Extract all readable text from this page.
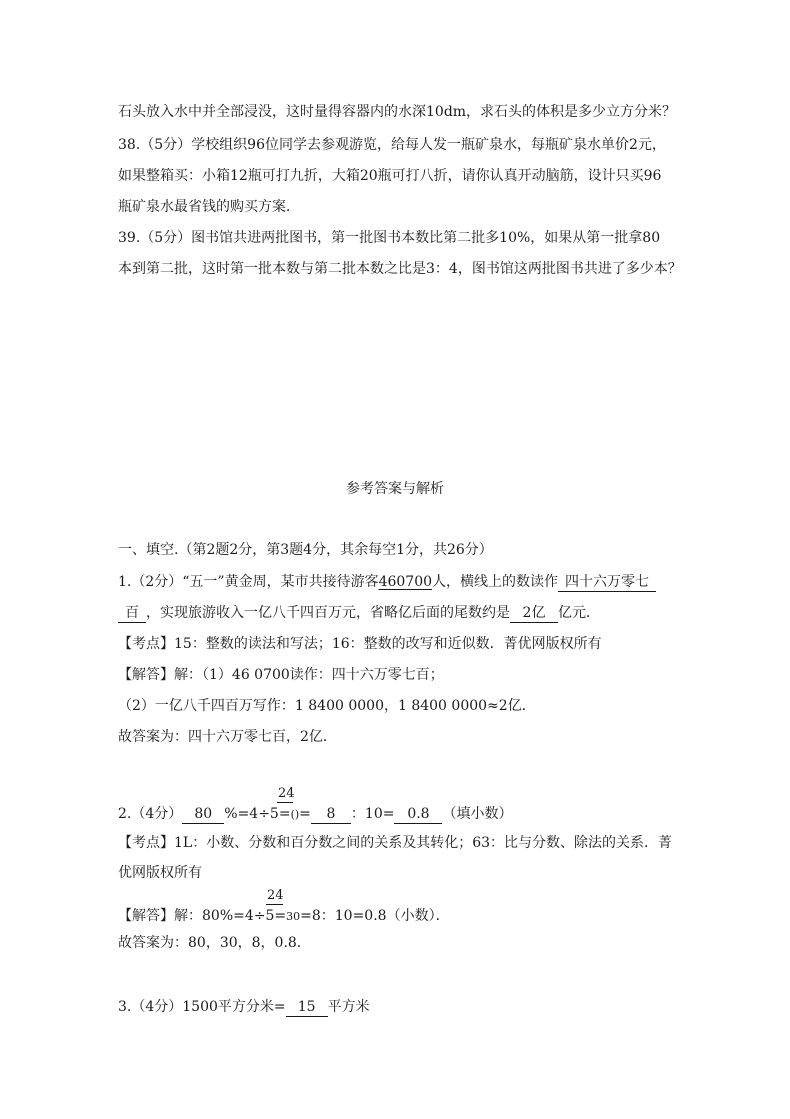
石头放入水中并全部浸没，这时量得容器内的水深10dm，求石头的体积是多少立方分米？
38.（5分）学校组织96位同学去参观游览，给每人发一瓶矿泉水，每瓶矿泉水单价2元，
如果整箱买：小箱12瓶可打九折，大箱20瓶可打八折，请你认真开动脑筋，设计只买96
瓶矿泉水最省钱的购买方案．
39.（5分）图书馆共进两批图书，第一批图书本数比第二批多10%，如果从第一批拿80
本到第二批，这时第一批本数与第二批本数之比是3：4，图书馆这两批图书共进了多少本？
参考答案与解析
一、填空.（第2题2分，第3题4分，其余每空1分，共26分）
1.（2分）“五一”黄金周，某市共接待游客460700人，横线上的数读作 四十六万零七
百 ，实现旅游收入一亿八千四百万元，省略亿后面的尾数约是 2亿 亿元．
【考点】15：整数的读法和写法；16：整数的改写和近似数．菁优网版权所有
【解答】解：（1）46 0700读作：四十六万零七百；
（2）一亿八千四百万写作：1 8400 0000，1 8400 0000≈2亿．
故答案为：四十六万零七百，2亿．
24
2.（4分） 80 %=4÷5=()= 8 ：10= 0.8 （填小数）
【考点】1L：小数、分数和百分数之间的关系及其转化；63：比与分数、除法的关系．菁
优网版权所有
24
【解答】解：80%=4÷5=30=8：10=0.8（小数）．
故答案为：80，30，8，0.8．
3.（4分）1500平方分米= 15 平方米
